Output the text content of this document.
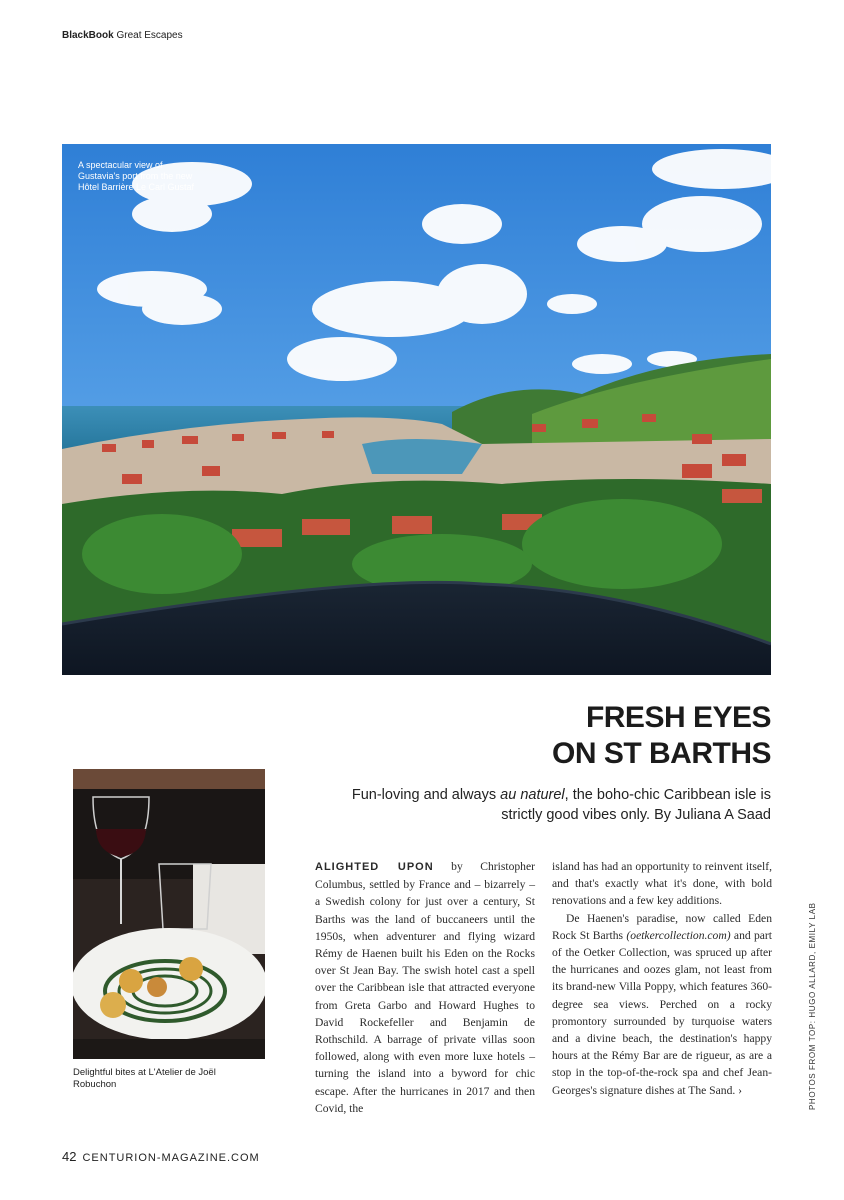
BlackBook Great Escapes
A spectacular view of Gustavia's port from the new Hôtel Barrière Le Carl Gustaf
FRESH EYES
ON ST BARTHS
Fun-loving and always au naturel, the boho-chic Caribbean isle is strictly good vibes only. By Juliana A Saad
Delightful bites at L'Atelier de Joël Robuchon

ALIGHTED UPON by Christopher Columbus, settled by France and – bizarrely – a Swedish colony for just over a century, St Barths was the land of buccaneers until the 1950s, when adventurer and flying wizard Rémy de Haenen built his Eden on the Rocks over St Jean Bay. The swish hotel cast a spell over the Caribbean isle that attracted everyone from Greta Garbo and Howard Hughes to David Rockefeller and Benjamin de Rothschild. A barrage of private villas soon followed, along with even more luxe hotels – turning the island into a byword for chic escape. After the hurricanes in 2017 and then Covid, the

island has had an opportunity to reinvent itself, and that's exactly what it's done, with bold renovations and a few key additions.

De Haenen's paradise, now called Eden Rock St Barths (oetkercollection.com) and part of the Oetker Collection, was spruced up after the hurricanes and oozes glam, not least from its brand-new Villa Poppy, which features 360-degree sea views. Perched on a rocky promontory surrounded by turquoise waters and a divine beach, the destination's happy hours at the Rémy Bar are de rigueur, as are a stop in the top-of-the-rock spa and chef Jean-Georges's signature dishes at The Sand. ›	PHOTOS FROM TOP: HUGO ALLARD, EMILY LAB
42 CENTURION-MAGAZINE.COM
